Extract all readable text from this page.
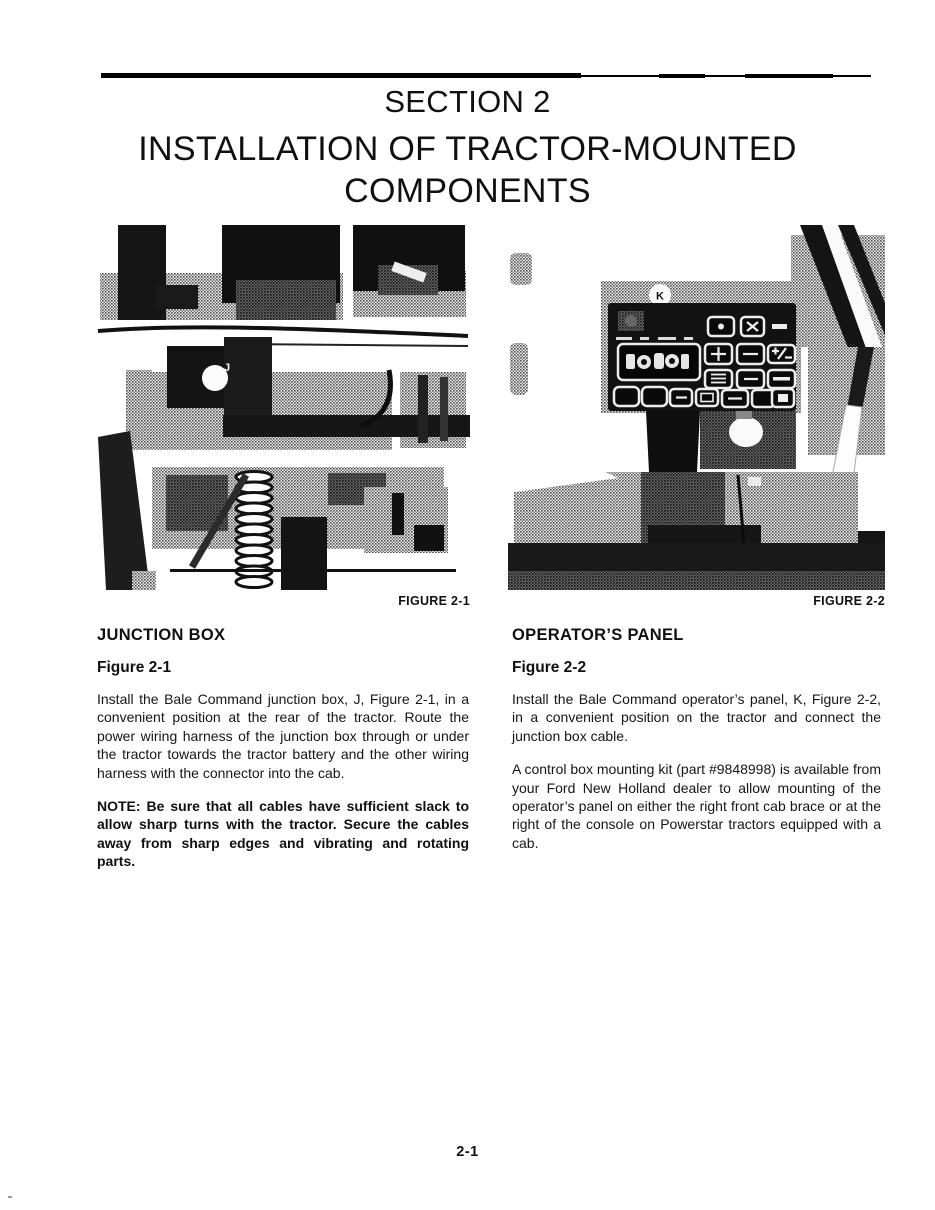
SECTION 2
INSTALLATION OF TRACTOR-MOUNTED
COMPONENTS
J
K
FIGURE 2-1	FIGURE 2-2
JUNCTION BOX
Figure 2-1

Install the Bale Command junction box, J, Figure 2-1, in a convenient position at the rear of the tractor. Route the power wiring harness of the junction box through or under the tractor towards the tractor battery and the other wiring harness with the connector into the cab.

NOTE: Be sure that all cables have sufficient slack to allow sharp turns with the tractor. Secure the cables away from sharp edges and vibrating and rotating parts.

OPERATOR’S PANEL
Figure 2-2

Install the Bale Command operator’s panel, K, Figure 2-2, in a convenient position on the tractor and connect the junction box cable.

A control box mounting kit (part #9848998) is available from your Ford New Holland dealer to allow mounting of the operator’s panel on either the right front cab brace or at the right of the console on Powerstar tractors equipped with a cab.

2-1
